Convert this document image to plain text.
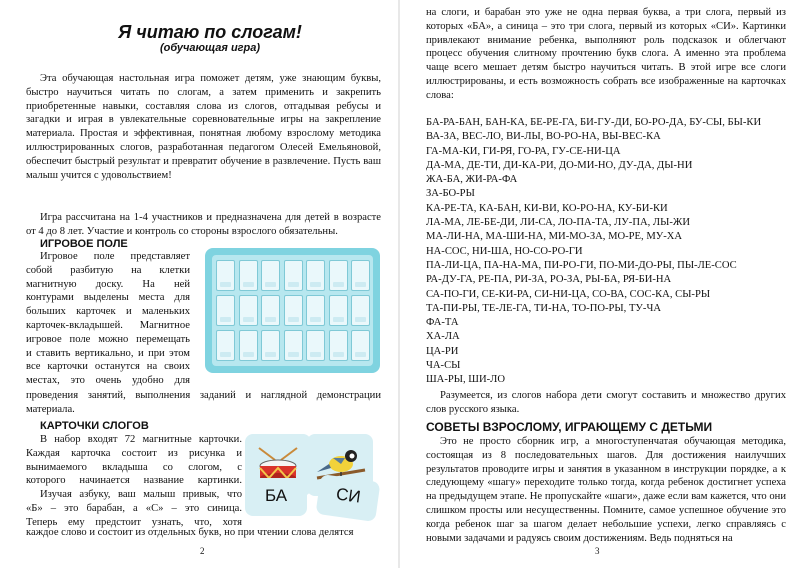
Я читаю по слогам!
(обучающая игра)
Эта обучающая настольная игра поможет детям, уже знающим буквы, быстро научиться читать по слогам, а затем применить и закрепить приобретенные навыки, составляя слова из слогов, отгадывая ребусы и загадки и играя в увлекательные соревновательные игры на закрепление материала. Простая и эффективная, понятная любому взрослому методика иллюстрированных слогов, разработанная педагогом Олесей Емельяновой, обеспечит быстрый результат и превратит обучение в развлечение. Пусть ваш малыш учится с удовольствием!
Игра рассчитана на 1-4 участников и предназначена для детей в возрасте от 4 до 8 лет. Участие и контроль со стороны взрослого обязательны.
ИГРОВОЕ ПОЛЕ
Игровое поле представляет
собой разбитую на клетки
магнитную доску. На ней
контурами выделены места для
больших карточек и маленьких
карточек-вкладышей. Магнитное
игровое поле можно перемещать
и ставить вертикально, и при этом
все карточки останутся на своих
местах, это очень удобно для
проведения занятий, выполнения заданий и наглядной демонстрации материала.
КАРТОЧКИ СЛОГОВ
В набор входят 72 магнитные карточки.
Каждая карточка состоит из рисунка и
вынимаемого вкладыша со слогом, с
которого начинается название картинки.
Изучая азбуку, ваш малыш привык, что
«Б» – это барабан, а «С» – это синица.
Теперь ему предстоит узнать, что, хотя
БА	СИ
каждое слово и состоит из отдельных букв, но при чтении слова делятся
2
на слоги, и барабан это уже не одна первая буква, а три слога, первый из которых «БА», а синица – это три слога, первый из которых «СИ». Картинки привлекают внимание ребенка, выполняют роль подсказок и облегчают процесс обучения слитному прочтению букв слога. А именно эта проблема чаще всего мешает детям быстро научиться читать. В этой игре все слоги иллюстрированы, и есть возможность собрать все изображенные на карточках слова:
БА-РА-БАН, БАН-КА, БЕ-РЕ-ГА, БИ-ГУ-ДИ, БО-РО-ДА, БУ-СЫ, БЫ-КИ
ВА-ЗА, ВЕС-ЛО, ВИ-ЛЫ, ВО-РО-НА, ВЫ-ВЕС-КА
ГА-МА-КИ, ГИ-РЯ, ГО-РА, ГУ-СЕ-НИ-ЦА
ДА-МА, ДЕ-ТИ, ДИ-КА-РИ, ДО-МИ-НО, ДУ-ДА, ДЫ-НИ
ЖА-БА, ЖИ-РА-ФА
ЗА-БО-РЫ
КА-РЕ-ТА, КА-БАН, КИ-ВИ, КО-РО-НА, КУ-БИ-КИ
ЛА-МА, ЛЕ-БЕ-ДИ, ЛИ-СА, ЛО-ПА-ТА, ЛУ-ПА, ЛЫ-ЖИ
МА-ЛИ-НА, МА-ШИ-НА, МИ-МО-ЗА, МО-РЕ, МУ-ХА
НА-СОС, НИ-ША, НО-СО-РО-ГИ
ПА-ЛИ-ЦА, ПА-НА-МА, ПИ-РО-ГИ, ПО-МИ-ДО-РЫ, ПЫ-ЛЕ-СОС
РА-ДУ-ГА, РЕ-ПА, РИ-ЗА, РО-ЗА, РЫ-БА, РЯ-БИ-НА
СА-ПО-ГИ, СЕ-КИ-РА, СИ-НИ-ЦА, СО-ВА, СОС-КА, СЫ-РЫ
ТА-ПИ-РЫ, ТЕ-ЛЕ-ГА, ТИ-НА, ТО-ПО-РЫ, ТУ-ЧА
ФА-ТА
ХА-ЛА
ЦА-РИ
ЧА-СЫ
ША-РЫ, ШИ-ЛО
Разумеется, из слогов набора дети смогут составить и множество других слов русского языка.
СОВЕТЫ ВЗРОСЛОМУ, ИГРАЮЩЕМУ С ДЕТЬМИ
Это не просто сборник игр, а многоступенчатая обучающая методика, состоящая из 8 последовательных шагов. Для достижения наилучших результатов проводите игры и занятия в указанном в инструкции порядке, а к следующему «шагу» переходите только тогда, когда ребенок достигнет успеха на предыдущем этапе. Не пропускайте «шаги», даже если вам кажется, что они слишком просты или несущественны. Помните, самое успешное обучение это когда ребенок шаг за шагом делает небольшие успехи, легко справляясь с новыми задачами и радуясь своим достижениям. Ведь подняться на
3
